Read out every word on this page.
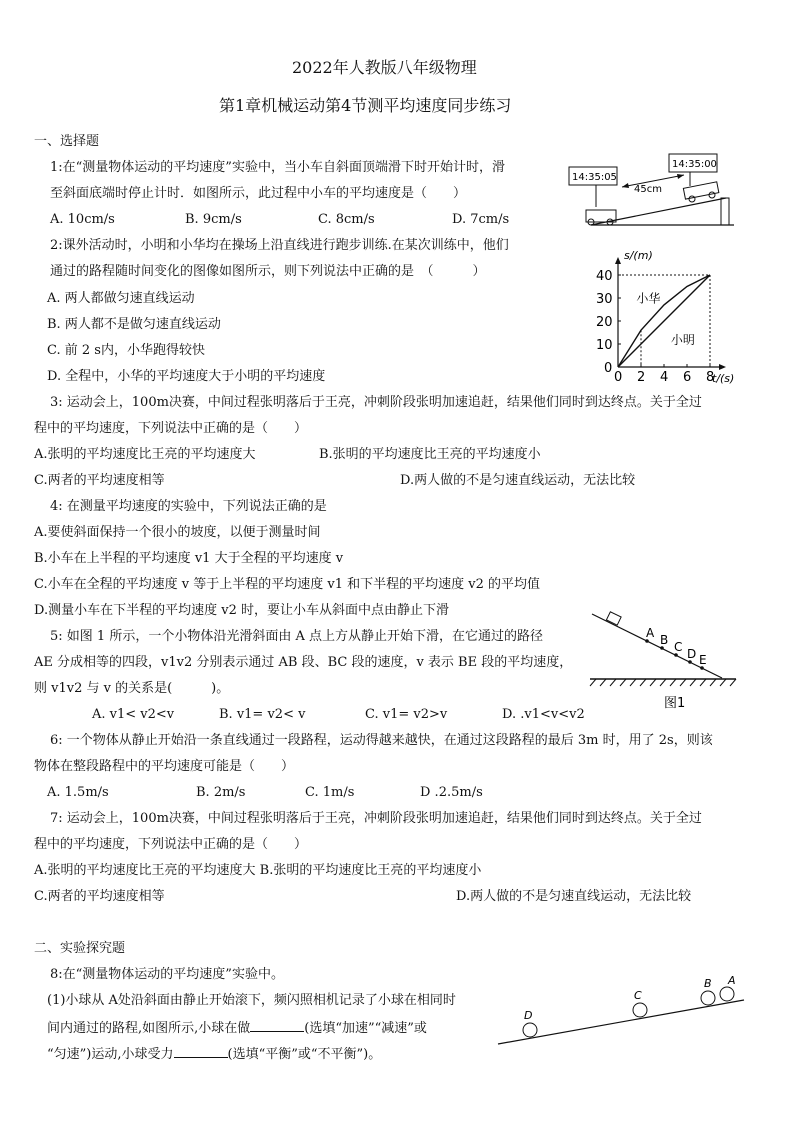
2022年人教版八年级物理
第1章机械运动第4节测平均速度同步练习
一、选择题
1:在“测量物体运动的平均速度”实验中，当小车自斜面顶端滑下时开始计时，滑
至斜面底端时停止计时．如图所示，此过程中小车的平均速度是（　　）
A. 10cm/s	B. 9cm/s	C. 8cm/s	D. 7cm/s
14:35:05
14:35:00
45cm
2:课外活动时，小明和小华均在操场上沿直线进行跑步训练.在某次训练中，他们
通过的路程随时间变化的图像如图所示，则下列说法中正确的是　（　　　）
A. 两人都做匀速直线运动
B. 两人都不是做匀速直线运动
C. 前 2 s内，小华跑得较快
D. 全程中，小华的平均速度大于小明的平均速度	0 2 4 6 8
0
10
20
30
40
s/(m)
t/(s)
小华
小明
3: 运动会上，100m决赛，中间过程张明落后于王亮，冲刺阶段张明加速追赶，结果他们同时到达终点。关于全过
程中的平均速度，下列说法中正确的是（　　）
A.张明的平均速度比王亮的平均速度大	B.张明的平均速度比王亮的平均速度小
C.两者的平均速度相等	D.两人做的不是匀速直线运动，无法比较
4: 在测量平均速度的实验中，下列说法正确的是
A.要使斜面保持一个很小的坡度，以便于测量时间
B.小车在上半程的平均速度 v1 大于全程的平均速度 v
C.小车在全程的平均速度 v 等于上半程的平均速度 v1 和下半程的平均速度 v2 的平均值
D.测量小车在下半程的平均速度 v2 时，要让小车从斜面中点由静止下滑
5: 如图 1 所示，一个小物体沿光滑斜面由 A 点上方从静止开始下滑，在它通过的路径
AE 分成相等的四段，v1v2 分别表示通过 AB 段、BC 段的速度，v 表示 BE 段的平均速度，
则 v1v2 与 v 的关系是(　　　)。
A. v1< v2<v	B. v1= v2< v	C. v1= v2>v	D. .v1<v<v2
A B C D E
图1
6: 一个物体从静止开始沿一条直线通过一段路程，运动得越来越快，在通过这段路程的最后 3m 时，用了 2s，则该
物体在整段路程中的平均速度可能是（　　）
A. 1.5m/s	B. 2m/s	C. 1m/s	D .2.5m/s
7: 运动会上，100m决赛，中间过程张明落后于王亮，冲刺阶段张明加速追赶，结果他们同时到达终点。关于全过
程中的平均速度，下列说法中正确的是（　　）
A.张明的平均速度比王亮的平均速度大 B.张明的平均速度比王亮的平均速度小
C.两者的平均速度相等	D.两人做的不是匀速直线运动，无法比较
二、实验探究题
8:在“测量物体运动的平均速度”实验中。
(1)小球从 A处沿斜面由静止开始滚下，频闪照相机记录了小球在相同时
间内通过的路程,如图所示,小球在做	(选填“加速”“减速”或
“匀速”)运动,小球受力	(选填“平衡”或“不平衡”)。
A
B
C
D
